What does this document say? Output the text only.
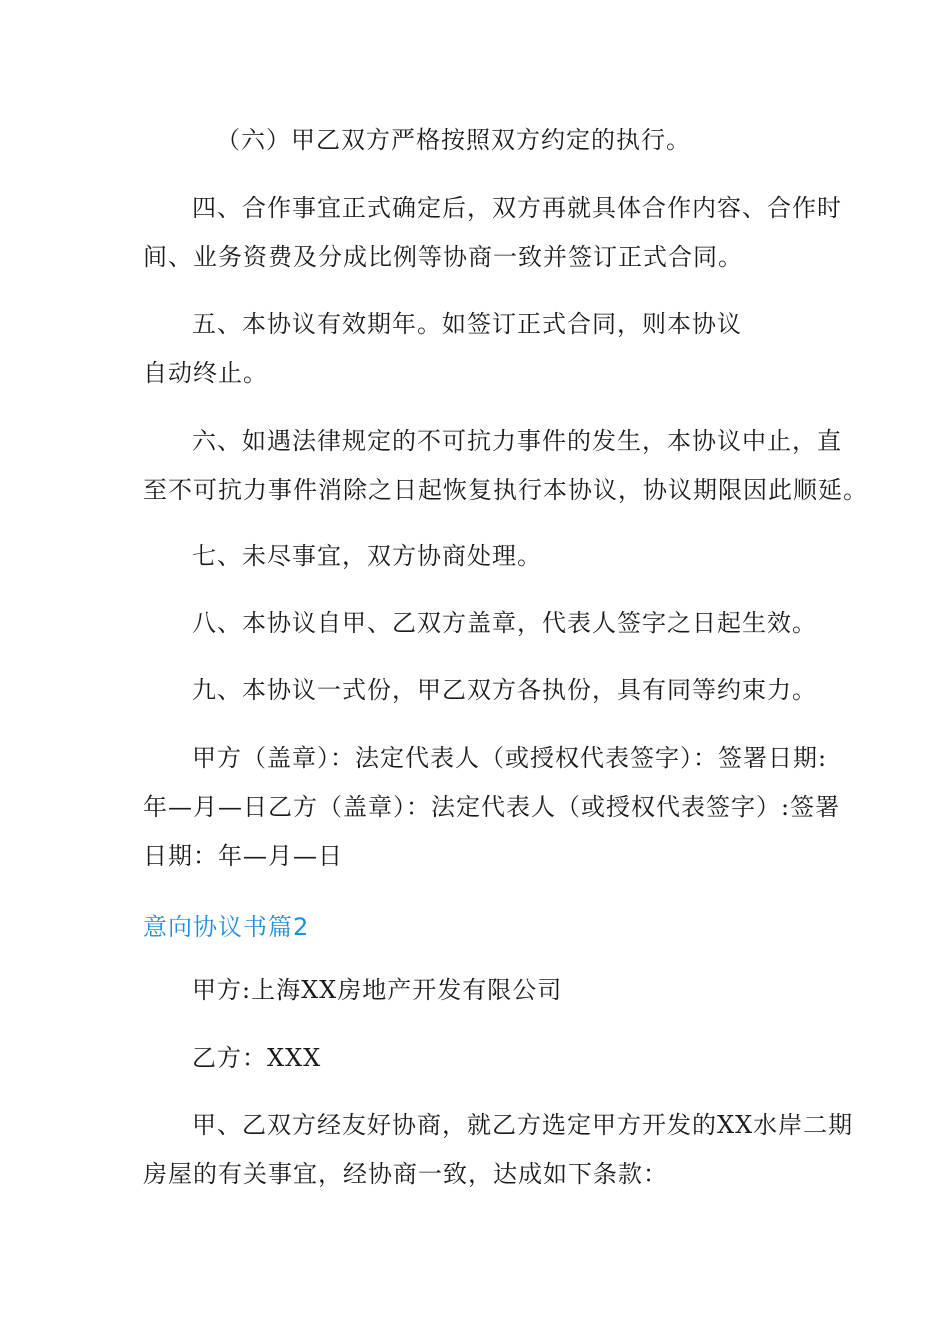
（六）甲乙双方严格按照双方约定的执行。
四、合作事宜正式确定后，双方再就具体合作内容、合作时
间、业务资费及分成比例等协商一致并签订正式合同。
五、本协议有效期年。如签订正式合同，则本协议
自动终止。
六、如遇法律规定的不可抗力事件的发生，本协议中止，直
至不可抗力事件消除之日起恢复执行本协议，协议期限因此顺延。
七、未尽事宜，双方协商处理。
八、本协议自甲、乙双方盖章，代表人签字之日起生效。
九、本协议一式份，甲乙双方各执份，具有同等约束力。
甲方（盖章）：法定代表人（或授权代表签字）：签署日期:
年—月—日乙方（盖章）：法定代表人（或授权代表签字）:签署
日期：年—月—日
意向协议书篇2
甲方:上海XX房地产开发有限公司
乙方：XXX
甲、乙双方经友好协商，就乙方选定甲方开发的XX水岸二期
房屋的有关事宜，经协商一致，达成如下条款：
